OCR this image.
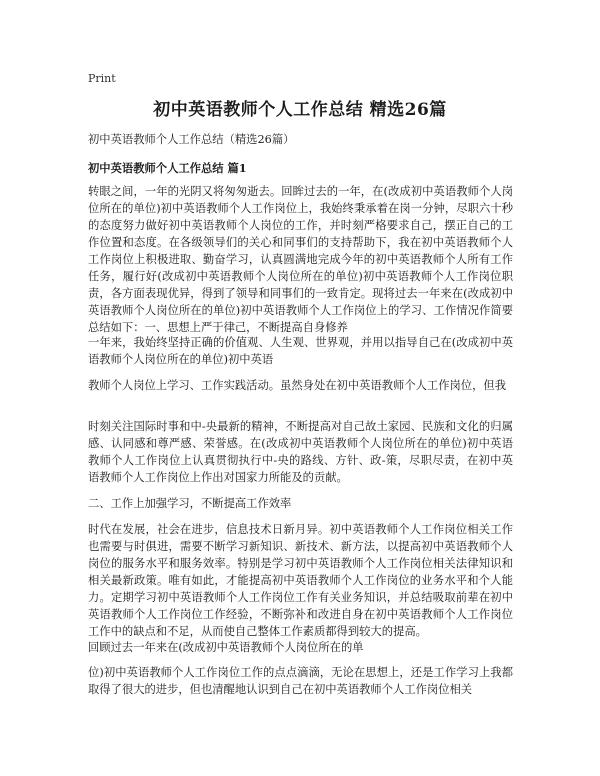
Print
初中英语教师个人工作总结 精选26篇
初中英语教师个人工作总结（精选26篇）
初中英语教师个人工作总结 篇1
转眼之间，一年的光阴又将匆匆逝去。回眸过去的一年，在(改成初中英语教师个人岗位所在的单位)初中英语教师个人工作岗位上，我始终秉承着在岗一分钟，尽职六十秒的态度努力做好初中英语教师个人岗位的工作，并时刻严格要求自己，摆正自己的工作位置和态度。在各级领导们的关心和同事们的支持帮助下，我在初中英语教师个人工作岗位上积极进取、勤奋学习，认真圆满地完成今年的初中英语教师个人所有工作任务，履行好(改成初中英语教师个人岗位所在的单位)初中英语教师个人工作岗位职责，各方面表现优异，得到了领导和同事们的一致肯定。现将过去一年来在(改成初中英语教师个人岗位所在的单位)初中英语教师个人工作岗位上的学习、工作情况作简要总结如下：一、思想上严于律己，不断提高自身修养
一年来，我始终坚持正确的价值观、人生观、世界观，并用以指导自己在(改成初中英语教师个人岗位所在的单位)初中英语
教师个人岗位上学习、工作实践活动。虽然身处在初中英语教师个人工作岗位，但我
时刻关注国际时事和中-央最新的精神，不断提高对自己故土家园、民族和文化的归属感、认同感和尊严感、荣誉感。在(改成初中英语教师个人岗位所在的单位)初中英语教师个人工作岗位上认真贯彻执行中-央的路线、方针、政-策，尽职尽责，在初中英语教师个人工作岗位上作出对国家力所能及的贡献。
二、工作上加强学习，不断提高工作效率
时代在发展，社会在进步，信息技术日新月异。初中英语教师个人工作岗位相关工作也需要与时俱进，需要不断学习新知识、新技术、新方法，以提高初中英语教师个人岗位的服务水平和服务效率。特别是学习初中英语教师个人工作岗位相关法律知识和相关最新政策。唯有如此，才能提高初中英语教师个人工作岗位的业务水平和个人能力。定期学习初中英语教师个人工作岗位工作有关业务知识，并总结吸取前辈在初中英语教师个人工作岗位工作经验，不断弥补和改进自身在初中英语教师个人工作岗位工作中的缺点和不足，从而使自己整体工作素质都得到较大的提高。
回顾过去一年来在(改成初中英语教师个人岗位所在的单
位)初中英语教师个人工作岗位工作的点点滴滴，无论在思想上，还是工作学习上我都取得了很大的进步，但也清醒地认识到自己在初中英语教师个人工作岗位相关
